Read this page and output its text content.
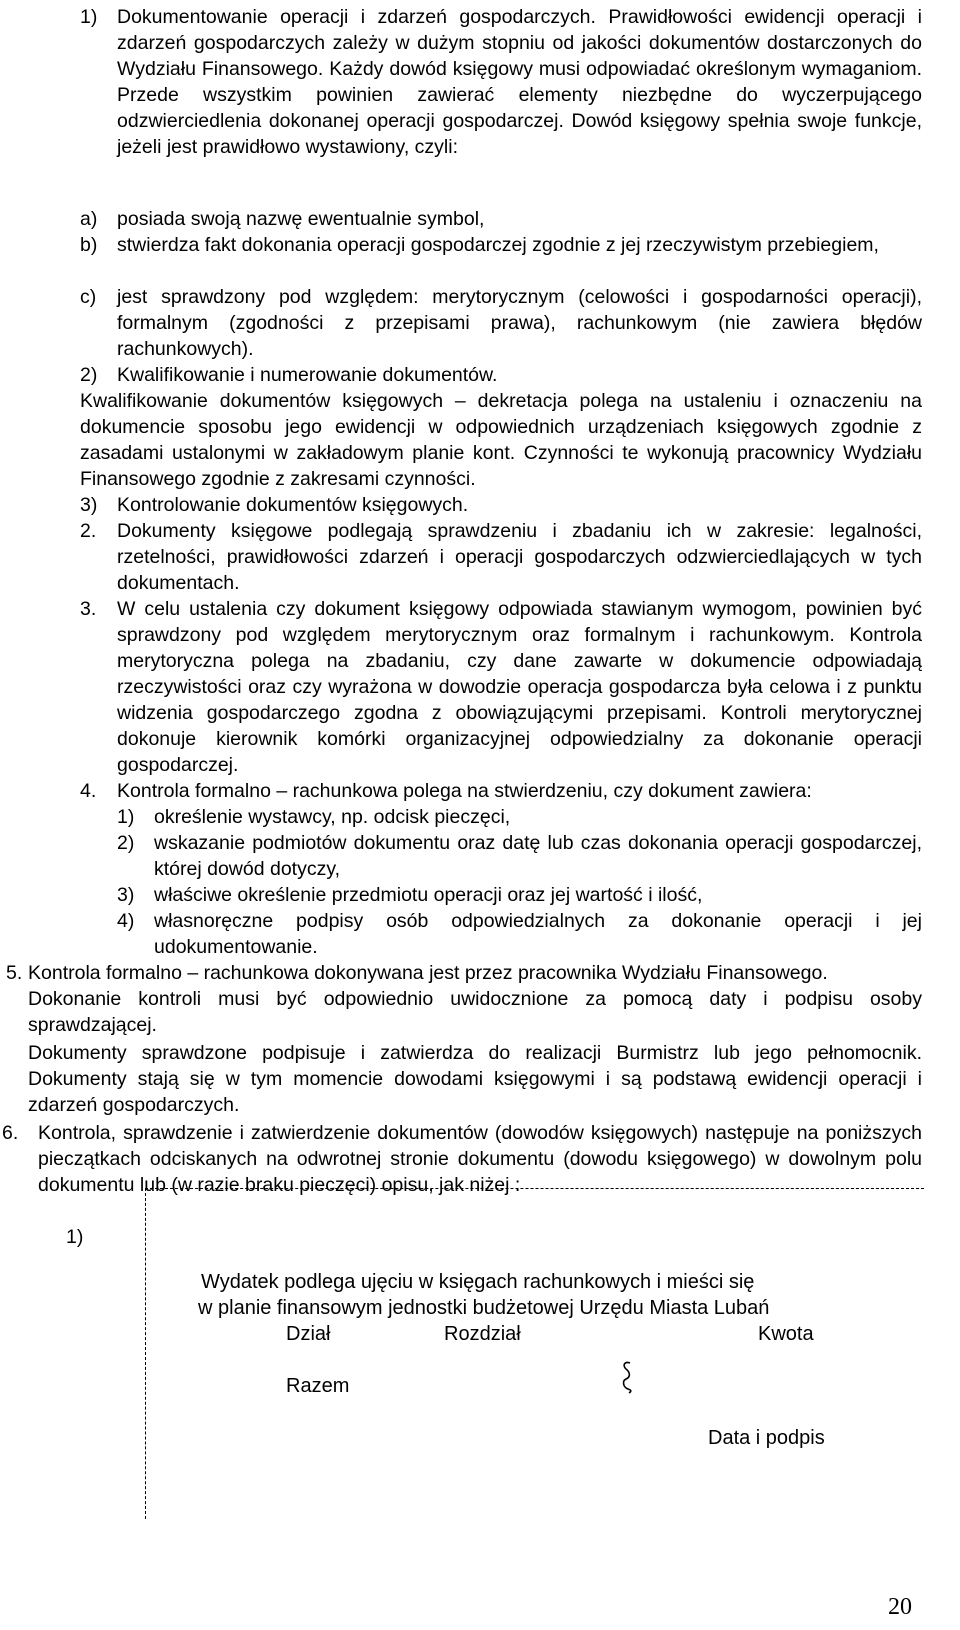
1)	Dokumentowanie operacji i zdarzeń gospodarczych. Prawidłowości ewidencji operacji i zdarzeń gospodarczych zależy w dużym stopniu od jakości dokumentów dostarczonych do Wydziału Finansowego. Każdy dowód księgowy musi odpowiadać określonym wymaganiom. Przede wszystkim powinien zawierać elementy niezbędne do wyczerpującego odzwierciedlenia dokonanej operacji gospodarczej. Dowód księgowy spełnia swoje funkcje, jeżeli jest prawidłowo wystawiony, czyli:

a)	posiada swoją nazwę ewentualnie symbol,

b)	stwierdza fakt dokonania operacji gospodarczej zgodnie z jej rzeczywistym przebiegiem,

c)	jest sprawdzony pod względem: merytorycznym (celowości i gospodarności operacji), formalnym (zgodności z przepisami prawa), rachunkowym (nie zawiera błędów rachunkowych).

2)	Kwalifikowanie i numerowanie dokumentów.

Kwalifikowanie dokumentów księgowych – dekretacja polega na ustaleniu i oznaczeniu na dokumencie sposobu jego ewidencji w odpowiednich urządzeniach księgowych zgodnie z zasadami ustalonymi w zakładowym planie kont. Czynności te wykonują pracownicy Wydziału Finansowego zgodnie z zakresami czynności.

3)	Kontrolowanie dokumentów księgowych.

2.	Dokumenty księgowe podlegają sprawdzeniu i zbadaniu ich w zakresie: legalności, rzetelności, prawidłowości zdarzeń i operacji gospodarczych odzwierciedlających w tych dokumentach.

3.	W celu ustalenia czy dokument księgowy odpowiada stawianym wymogom, powinien być sprawdzony pod względem merytorycznym oraz formalnym i rachunkowym. Kontrola merytoryczna polega na zbadaniu, czy dane zawarte w dokumencie odpowiadają rzeczywistości oraz czy wyrażona w dowodzie operacja gospodarcza była celowa i z punktu widzenia gospodarczego zgodna z obowiązującymi przepisami. Kontroli merytorycznej dokonuje kierownik komórki organizacyjnej odpowiedzialny za dokonanie operacji gospodarczej.

4.	Kontrola formalno – rachunkowa polega na stwierdzeniu, czy dokument zawiera:

1)	określenie wystawcy, np. odcisk pieczęci,

2)	wskazanie podmiotów dokumentu oraz datę lub czas dokonania operacji gospodarczej, której dowód dotyczy,

3)	właściwe określenie przedmiotu operacji oraz jej wartość i ilość,

4)	własnoręczne podpisy osób odpowiedzialnych za dokonanie operacji i jej udokumentowanie.

5. Kontrola formalno – rachunkowa dokonywana jest przez pracownika Wydziału Finansowego.

Dokonanie kontroli musi być odpowiednio uwidocznione za pomocą daty i podpisu osoby sprawdzającej.

Dokumenty sprawdzone podpisuje i zatwierdza do realizacji Burmistrz lub jego pełnomocnik. Dokumenty stają się w tym momencie dowodami księgowymi i są podstawą ewidencji operacji i zdarzeń gospodarczych.

6.	Kontrola, sprawdzenie i zatwierdzenie dokumentów (dowodów księgowych) następuje na poniższych pieczątkach odciskanych na odwrotnej stronie dokumentu (dowodu księgowego) w dowolnym polu dokumentu lub (w razie braku pieczęci) opisu, jak niżej :

1)
Wydatek podlega ujęciu w księgach rachunkowych i mieści się
w planie finansowym jednostki budżetowej Urzędu Miasta Lubań
Dział	Rozdział	Kwota
Razem
Data i podpis
20
